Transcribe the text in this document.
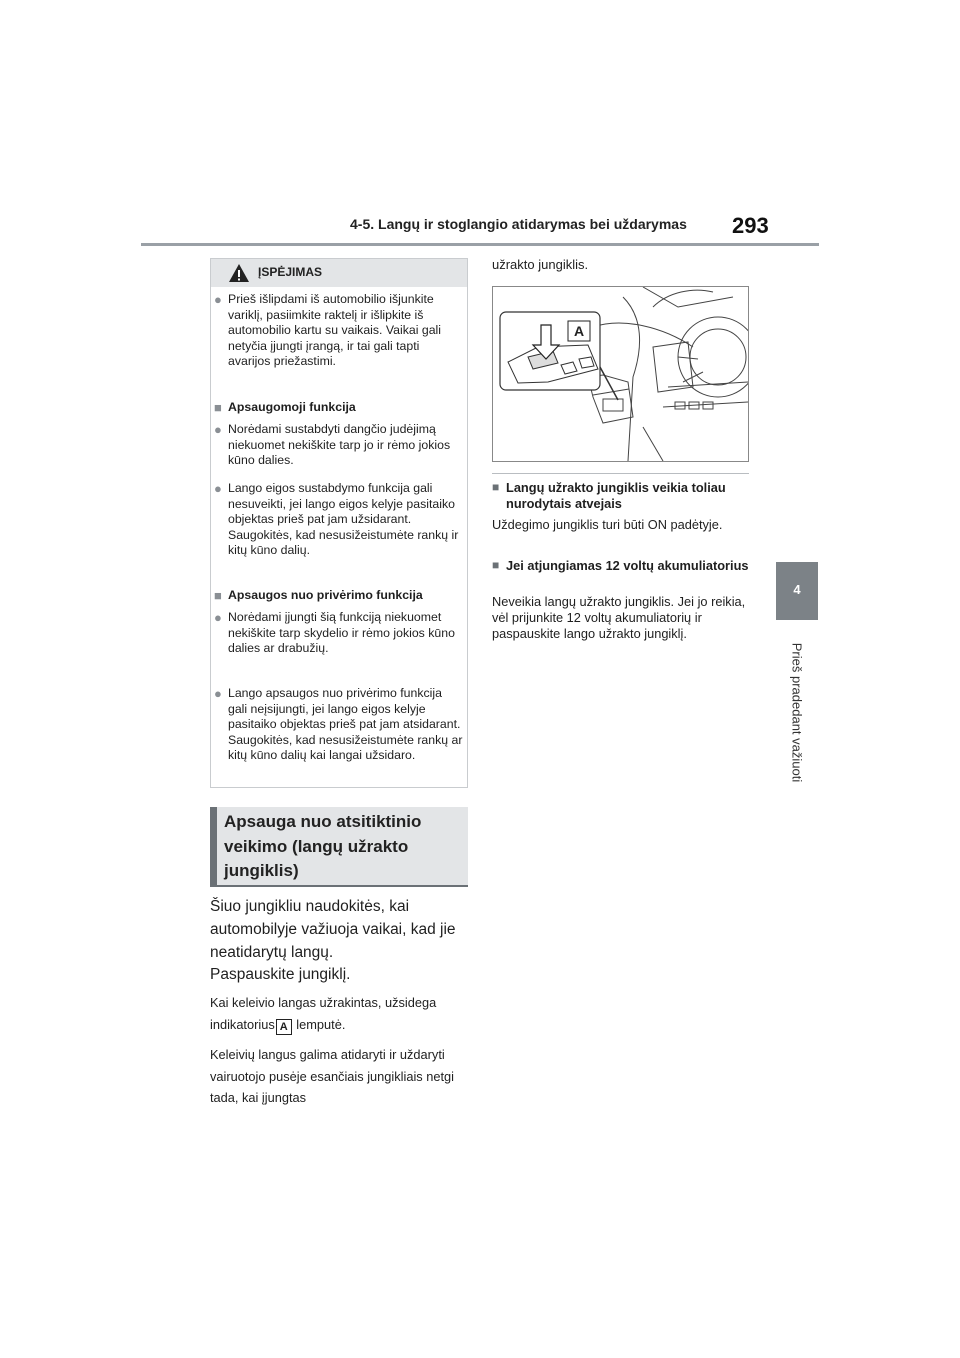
4-5. Langų ir stoglangio atidarymas bei uždarymas 293
4
Prieš pradedant važiuoti
ĮSPĖJIMAS
● Prieš išlipdami iš automobilio išjunkite variklį, pasiimkite raktelį ir išlipkite iš automobilio kartu su vaikais. Vaikai gali netyčia įjungti įrangą, ir tai gali tapti avarijos priežastimi.
■ Apsaugomoji funkcija
● Norėdami sustabdyti dangčio judėjimą niekuomet nekiškite tarp jo ir rėmo jokios kūno dalies.
● Lango eigos sustabdymo funkcija gali nesuveikti, jei lango eigos kelyje pasitaiko objektas prieš pat jam užsidarant. Saugokitės, kad nesusižeistumėte rankų ir kitų kūno dalių.
■ Apsaugos nuo privėrimo funkcija
● Norėdami įjungti šią funkciją niekuomet nekiškite tarp skydelio ir rėmo jokios kūno dalies ar drabužių.
● Lango apsaugos nuo privėrimo funkcija gali neįsijungti, jei lango eigos kelyje pasitaiko objektas prieš pat jam atsidarant. Saugokitės, kad nesusižeistumėte rankų ar kitų kūno dalių kai langai užsidaro.
Apsauga nuo atsitiktinio veikimo (langų užrakto jungiklis)
Šiuo jungikliu naudokitės, kai automobilyje važiuoja vaikai, kad jie neatidarytų langų.
Paspauskite jungiklį.
Kai keleivio langas užrakintas, užsidega indikatorius A lemputė.
Keleivių langus galima atidaryti ir uždaryti vairuotojo pusėje esančiais jungikliais netgi tada, kai įjungtas
užrakto jungiklis.
A
■ Langų užrakto jungiklis veikia toliau nurodytais atvejais
Uždegimo jungiklis turi būti ON padėtyje.
■ Jei atjungiamas 12 voltų akumuliatorius
Neveikia langų užrakto jungiklis. Jei jo reikia, vėl prijunkite 12 voltų akumuliatorių ir paspauskite lango užrakto jungiklį.
